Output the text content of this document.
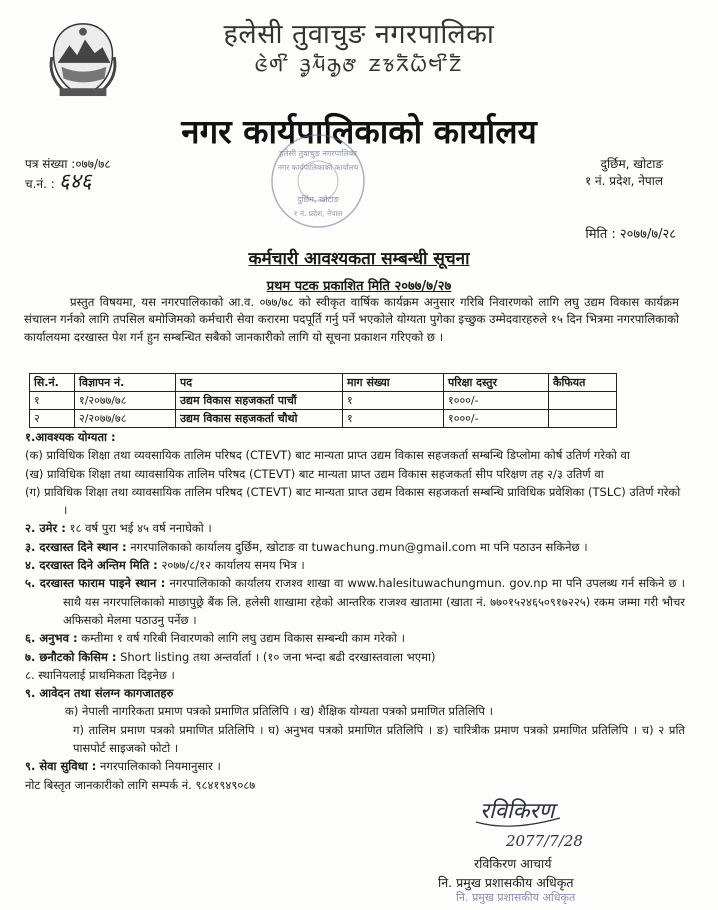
हलेसी तुवाचुङ नगरपालिका
ᤜᤧᤛᤡ ᤋᤢᤘᤠᤌᤢᤅ ᤏᤃᤖᤠᤐᤠᤗᤡᤁᤠ
नगर कार्यपालिकाको कार्यालय
पत्र संख्या :०७७/७८
च.नं. : ६४६
दुर्छिम, खोटाङ
१ नं. प्रदेश, नेपाल
हलेसी तुवाचुङ नगरपालिका
नगर कार्यपालिकाको कार्यालय
दुर्छिम, खोटाङ
१ नं. प्रदेश, नेपाल
मिति : २०७७/७/२८
कर्मचारी आवश्यकता सम्बन्धी सूचना
प्रथम पटक प्रकाशित मिति २०७७/७/२७
प्रस्तुत विषयमा, यस नगरपालिकाको आ.व. ०७७/७८ को स्वीकृत वार्षिक कार्यक्रम अनुसार गरिबि निवारणको लागि लघु उद्यम विकास कार्यक्रम संचालन गर्नको लागि तपसिल बमोजिमको कर्मचारी सेवा करारमा पदपूर्ति गर्नु पर्ने भएकोले योग्यता पुगेका इच्छुक उम्मेदवारहरुले १५ दिन भित्रमा नगरपालिकाको कार्यालयमा दरखास्त पेश गर्न हुन सम्बन्धित सबैको जानकारीको लागि यो सूचना प्रकाशन गरिएको छ ।
सि.नं.	विज्ञापन नं.	पद	माग संख्या	परिक्षा दस्तुर	कैफियत
१	१/२०७७/७८	उद्यम विकास सहजकर्ता पाचौं	१	१०००/-	
२	२/२०७७/७८	उद्यम विकास सहजकर्ता चौथो	१	१०००/-	

१.आवश्यक योग्यता :

(क) प्राविधिक शिक्षा तथा व्यवसायिक तालिम परिषद (CTEVT) बाट मान्यता प्राप्त उद्यम विकास सहजकर्ता सम्बन्धि डिप्लोमा कोर्ष उतिर्ण गरेको वा

(ख) प्राविधिक शिक्षा तथा व्यावसायिक तालिम परिषद (CTEVT) बाट मान्यता प्राप्त उद्यम विकास सहजकर्ता सीप परिक्षण तह २/३ उतिर्ण वा

(ग) प्राविधिक शिक्षा तथा व्यावसायिक तालिम परिषद (CTEVT) बाट मान्यता प्राप्त उद्यम विकास सहजकर्ता सम्बन्धि प्राविधिक प्रवेशिका (TSLC) उतिर्ण गरेको ।

२. उमेर : १८ वर्ष पुरा भई ४५ वर्ष ननाघेको ।

३. दरखास्त दिने स्थान : नगरपालिकाको कार्यालय दुर्छिम, खोटाङ वा tuwachung.mun@gmail.com मा पनि पठाउन सकिनेछ ।

४. दरखास्त दिने अन्तिम मिति : २०७७/८/१२ कार्यालय समय भित्र ।

५. दरखास्त फाराम पाइने स्थान : नगरपालिकाको कार्यालय राजश्व शाखा वा www.halesituwachungmun. gov.np मा पनि उपलब्ध गर्न सकिने छ । साथै यस नगरपालिकाको माछापुछ्रे बैंक लि. हलेसी शाखामा रहेको आन्तरिक राजश्व खातामा (खाता नं. ७७०१५२४६५०९१७२२५) रकम जम्मा गरी भौचर अफिसको मेलमा पठाउनु पर्नेछ ।

६. अनुभव : कम्तीमा १ वर्ष गरिबी निवारणको लागि लघु उद्यम विकास सम्बन्धी काम गरेको ।

७. छनौटको किसिम : Short listing तथा अन्तर्वार्ता । (१० जना भन्दा बढी दरखास्तवाला भएमा)

८. स्थानियलाई प्राथमिकता दिइनेछ ।

९. आवेदन तथा संलग्न कागजातहरु

क) नेपाली नागरिकता प्रमाण पत्रको प्रमाणित प्रतिलिपि । ख) शैक्षिक योग्यता पत्रको प्रमाणित प्रतिलिपि ।

ग) तालिम प्रमाण पत्रको प्रमाणित प्रतिलिपि । घ) अनुभव पत्रको प्रमाणित प्रतिलिपि । ङ) चारित्रीक प्रमाण पत्रको प्रमाणित प्रतिलिपि । च) २ प्रति पासपोर्ट साइजको फोटो ।

९. सेवा सुविधा : नगरपालिकाको नियमानुसार ।

नोट बिस्तृत जानकारीको लागि सम्पर्क नं. ९८४१९४९०८७

रविकिरण
2077/7/28
रविकिरण आचार्य
नि. प्रमुख प्रशासकीय अधिकृत
नि. प्रमुख प्रशासकीय अधिकृत
